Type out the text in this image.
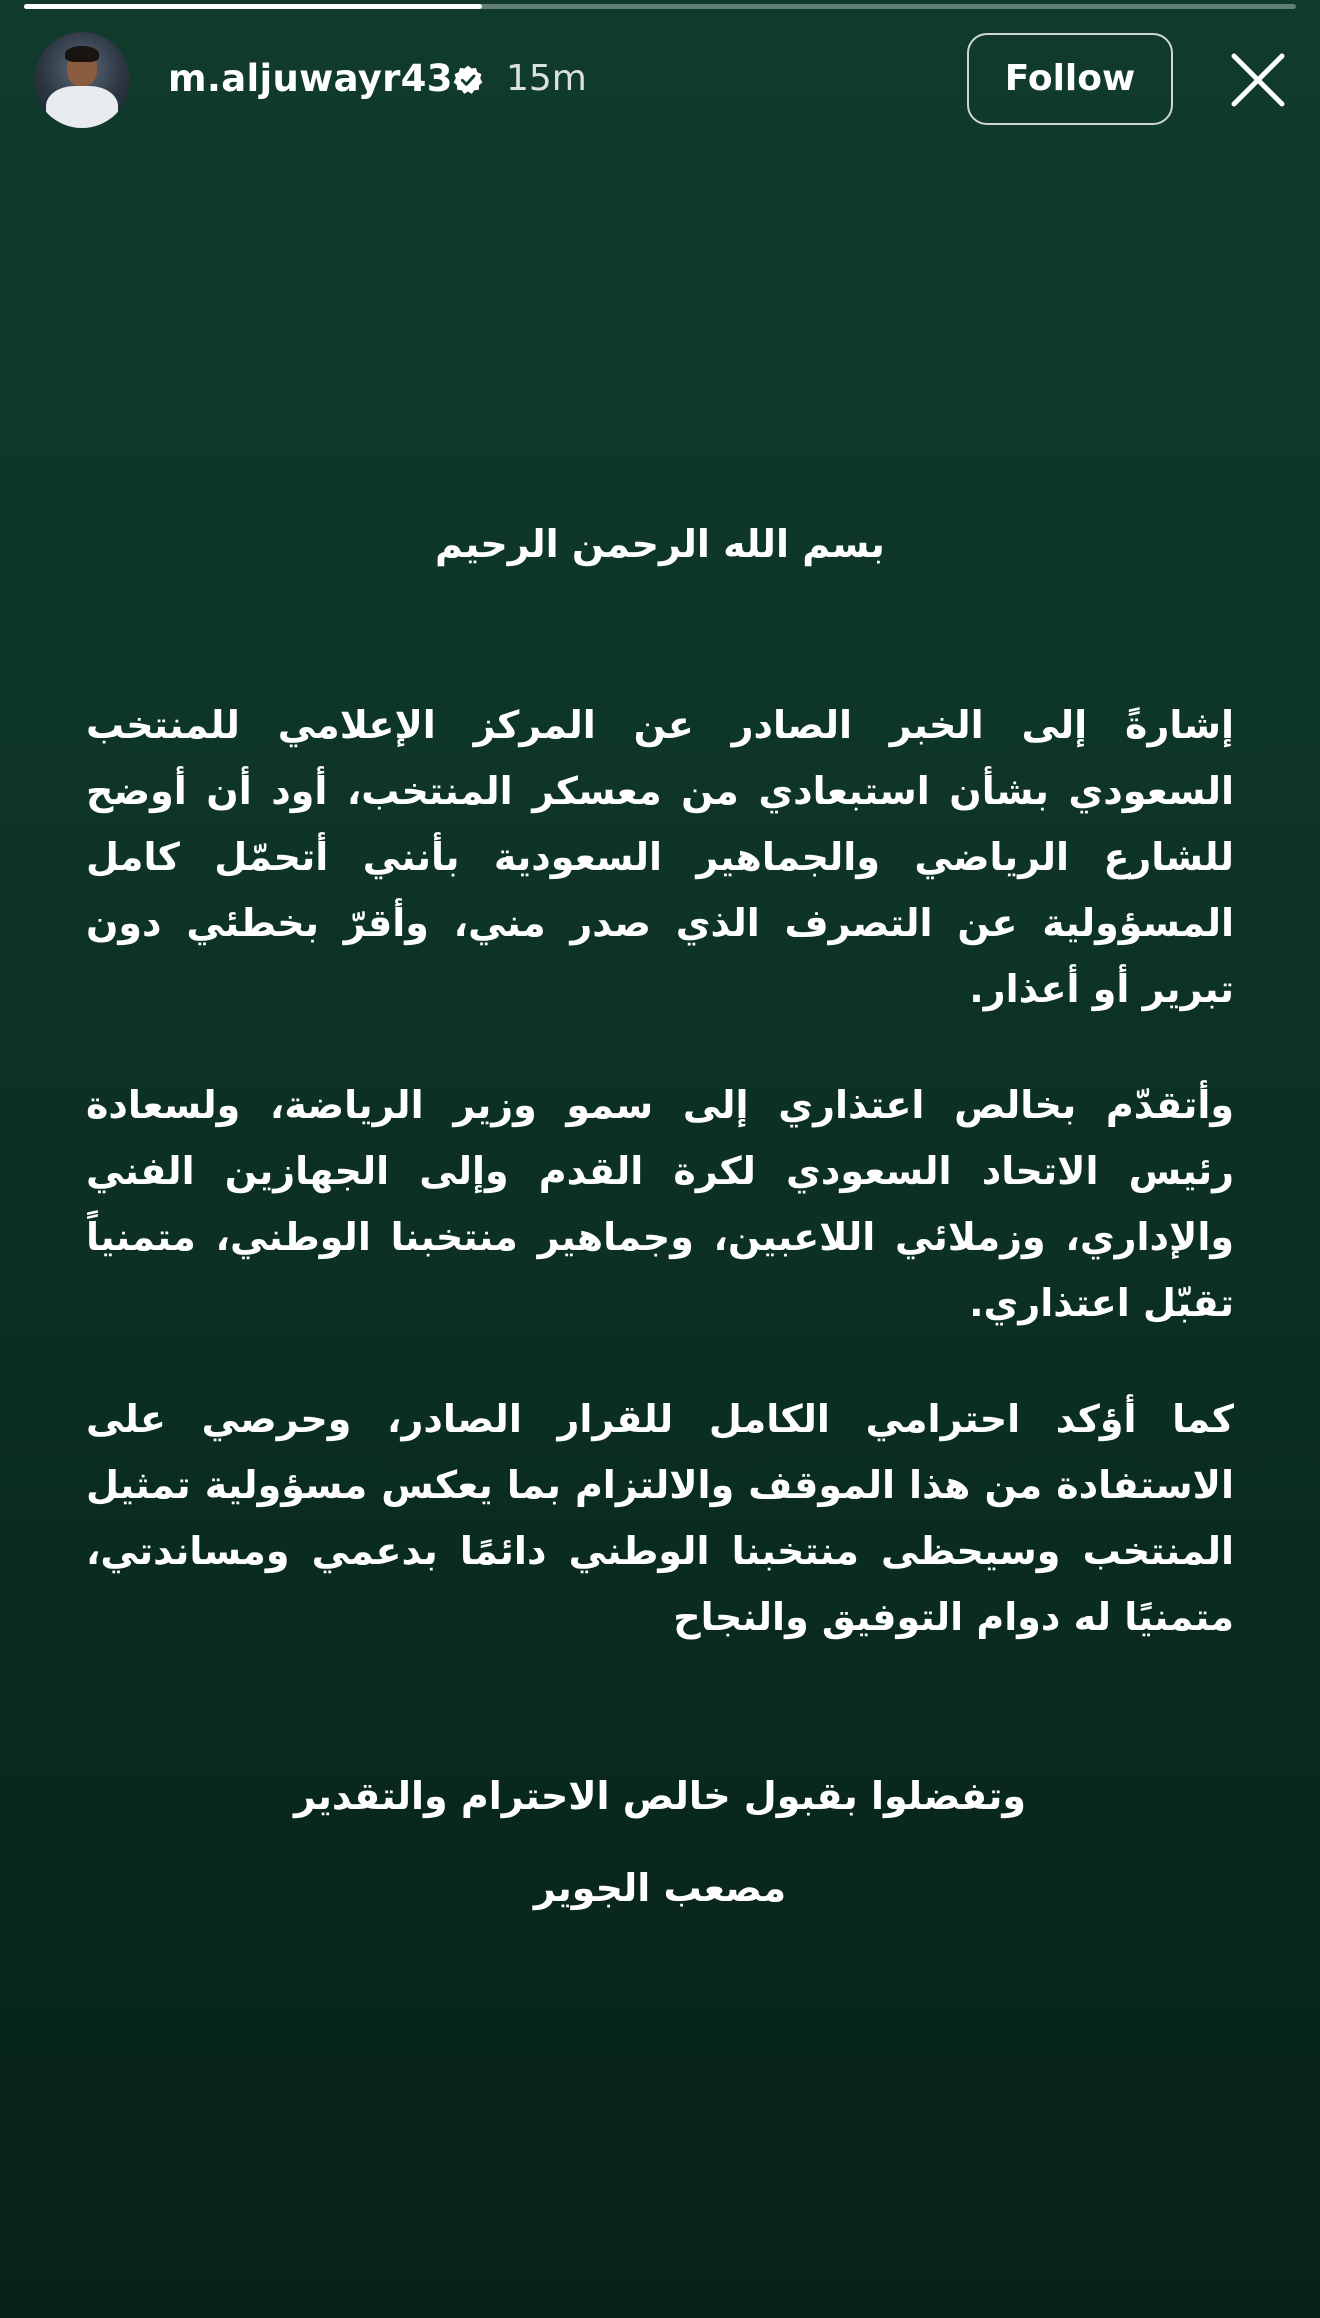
m.aljuwayr43 15m	Follow
بسم الله الرحمن الرحيم
إشارةً إلى الخبر الصادر عن المركز الإعلامي للمنتخب السعودي بشأن استبعادي من معسكر المنتخب، أود أن أوضح للشارع الرياضي والجماهير السعودية بأنني أتحمّل كامل المسؤولية عن التصرف الذي صدر مني، وأقرّ بخطئي دون تبرير أو أعذار.
وأتقدّم بخالص اعتذاري إلى سمو وزير الرياضة، ولسعادة رئيس الاتحاد السعودي لكرة القدم وإلى الجهازين الفني والإداري، وزملائي اللاعبين، وجماهير منتخبنا الوطني، متمنياً تقبّل اعتذاري.
كما أؤكد احترامي الكامل للقرار الصادر، وحرصي على الاستفادة من هذا الموقف والالتزام بما يعكس مسؤولية تمثيل المنتخب وسيحظى منتخبنا الوطني دائمًا بدعمي ومساندتي، متمنيًا له دوام التوفيق والنجاح
وتفضلوا بقبول خالص الاحترام والتقدير
مصعب الجوير
